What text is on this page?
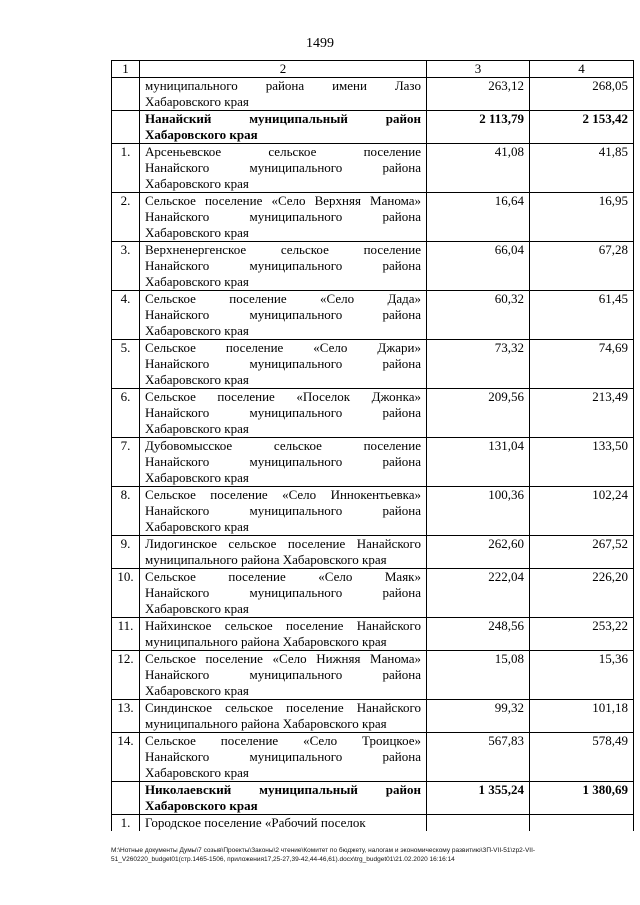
1499
1	2	3	4

	муниципального района имени Лазо
Хабаровского края	263,12	268,05

	Нанайский муниципальный район
Хабаровского края	2 113,79	2 153,42
1.	Арсеньевское сельское поселение
Нанайского муниципального района
Хабаровского края	41,08	41,85
2.	Сельское поселение «Село Верхняя Манома»
Нанайского муниципального района
Хабаровского края	16,64	16,95
3.	Верхненергенское сельское поселение
Нанайского муниципального района
Хабаровского края	66,04	67,28
4.	Сельское поселение «Село Дада»
Нанайского муниципального района
Хабаровского края	60,32	61,45
5.	Сельское поселение «Село Джари»
Нанайского муниципального района
Хабаровского края	73,32	74,69
6.	Сельское поселение «Поселок Джонка»
Нанайского муниципального района
Хабаровского края	209,56	213,49
7.	Дубовомысское сельское поселение
Нанайского муниципального района
Хабаровского края	131,04	133,50
8.	Сельское поселение «Село Иннокентьевка»
Нанайского муниципального района
Хабаровского края	100,36	102,24
9.	Лидогинское сельское поселение Нанайского
муниципального района Хабаровского края	262,60	267,52
10.	Сельское поселение «Село Маяк»
Нанайского муниципального района
Хабаровского края	222,04	226,20
11.	Найхинское сельское поселение Нанайского
муниципального района Хабаровского края	248,56	253,22
12.	Сельское поселение «Село Нижняя Манома»
Нанайского муниципального района
Хабаровского края	15,08	15,36
13.	Синдинское сельское поселение Нанайского
муниципального района Хабаровского края	99,32	101,18
14.	Сельское поселение «Село Троицкое»
Нанайского муниципального района
Хабаровского края	567,83	578,49

	Николаевский муниципальный район
Хабаровского края	1 355,24	1 380,69
1.	Городское поселение «Рабочий поселок		

М:\Нотные документы Думы\7 созыв\Проекты\Законы\2 чтение\Комитет по бюджету, налогам и экономическому развитию\ЗП-VII-51\zp2-VII-
51_V260220_budget01(стр.1465-1506, приложения17,25-27,39-42,44-46,61).docx\trg_budget01\21.02.2020 16:16:14
